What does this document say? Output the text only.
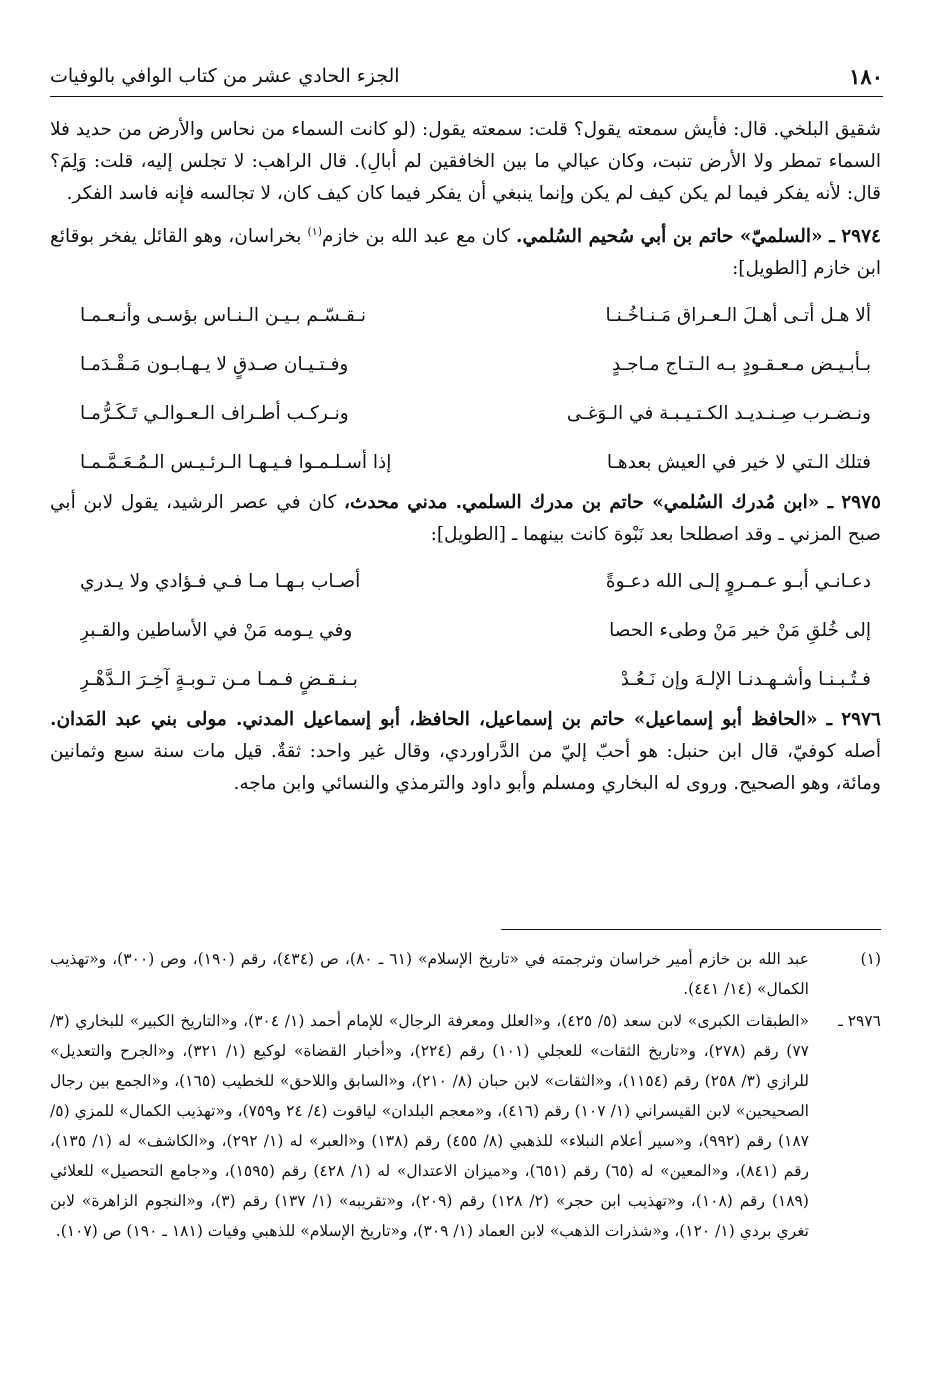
١٨٠
الجزء الحادي عشر من كتاب الوافي بالوفيات

شقيق البلخي. قال: فأيش سمعته يقول؟ قلت: سمعته يقول: (لو كانت السماء من نحاس والأرض من حديد فلا السماء تمطر ولا الأرض تنبت، وكان عيالي ما بين الخافقين لم أبالِ). قال الراهب: لا تجلس إليه، قلت: وَلِمَ؟ قال: لأنه يفكر فيما لم يكن كيف لم يكن وإنما ينبغي أن يفكر فيما كان كيف كان، لا تجالسه فإنه فاسد الفكر.

٢٩٧٤ ـ «السلميّ» حاتم بن أبي سُحيم السُلمي. كان مع عبد الله بن خازم$^{(١)}$ بخراسان، وهو القائل يفخر بوقائع ابن خازم [الطويل]:

ألا هـل أتـى أهـلَ الـعـراق مَـنـاخُـنـا
نـقـسّـم بـيـن الـنـاس بؤسـى وأنـعـمـا
بـأبـيـض مـعـقـودٍ بـه الـتـاج مـاجـدٍ
وفـتـيـان صـدقٍ لا يـهـابـون مَـقْـدَمـا
ونـضـرب صِـنـديـد الكـتـيـبـة في الـوَغـى
ونـركـب أطـراف الـعـوالـي تَـكَـرُّمـا
فتلك الـتي لا خير في العيش بعدهـا
إذا أسـلـمـوا فـيـهـا الـرئـيـس الـمُـعَـمَّـمـا

٢٩٧٥ ـ «ابن مُدرك السُلمي» حاتم بن مدرك السلمي. مدني محدث، كان في عصر الرشيد، يقول لابن أبي صبح المزني ـ وقد اصطلحا بعد نَبْوة كانت بينهما ـ [الطويل]:

دعـانـي أبـو عـمـروٍ إلـى الله دعـوةً
أصـاب بـهـا مـا فـي فـؤادي ولا يـدري
إلى خُلقِ مَنْ خير مَنْ وطىء الحصا
وفي يـومه مَنْ في الأساطين والقـبرِ
فـتُـبـنـا وأشـهـدنـا الإلـهَ وإن نَـعُـدْ
بـنـقـضٍ فـمـا مـن تـوبـةٍ آخِـرَ الـدَّهْـرِ

٢٩٧٦ ـ «الحافظ أبو إسماعيل» حاتم بن إسماعيل، الحافظ، أبو إسماعيل المدني. مولى بني عبد المَدان. أصله كوفيّ، قال ابن حنبل: هو أحبّ إليّ من الدَّراوردي، وقال غير واحد: ثقةٌ. قيل مات سنة سبع وثمانين ومائة، وهو الصحيح. وروى له البخاري ومسلم وأبو داود والترمذي والنسائي وابن ماجه.

(١)
عبد الله بن خازم أمير خراسان وترجمته في «تاريخ الإسلام» (٦١ ـ ٨٠)، ص (٤٣٤)، رقم (١٩٠)، وص (٣٠٠)، و«تهذيب الكمال» (١٤/ ٤٤١).
٢٩٧٦ ـ
«الطبقات الكبرى» لابن سعد (٥/ ٤٢٥)، و«العلل ومعرفة الرجال» للإمام أحمد (١/ ٣٠٤)، و«التاريخ الكبير» للبخاري (٣/ ٧٧) رقم (٢٧٨)، و«تاريخ الثقات» للعجلي (١٠١) رقم (٢٢٤)، و«أخبار القضاة» لوكيع (١/ ٣٢١)، و«الجرح والتعديل» للرازي (٣/ ٢٥٨) رقم (١١٥٤)، و«الثقات» لابن حبان (٨/ ٢١٠)، و«السابق واللاحق» للخطيب (١٦٥)، و«الجمع بين رجال الصحيحين» لابن القيسراني (١/ ١٠٧) رقم (٤١٦)، و«معجم البلدان» لياقوت (٤/ ٢٤ و٧٥٩)، و«تهذيب الكمال» للمزي (٥/ ١٨٧) رقم (٩٩٢)، و«سير أعلام النبلاء» للذهبي (٨/ ٤٥٥) رقم (١٣٨) و«العبر» له (١/ ٢٩٢)، و«الكاشف» له (١/ ١٣٥)، رقم (٨٤١)، و«المعين» له (٦٥) رقم (٦٥١)، و«ميزان الاعتدال» له (١/ ٤٢٨) رقم (١٥٩٥)، و«جامع التحصيل» للعلائي (١٨٩) رقم (١٠٨)، و«تهذيب ابن حجر» (٢/ ١٢٨) رقم (٢٠٩)، و«تقريبه» (١/ ١٣٧) رقم (٣)، و«النجوم الزاهرة» لابن تغري بردي (١/ ١٢٠)، و«شذرات الذهب» لابن العماد (١/ ٣٠٩)، و«تاريخ الإسلام» للذهبي وفيات (١٨١ ـ ١٩٠) ص (١٠٧).
